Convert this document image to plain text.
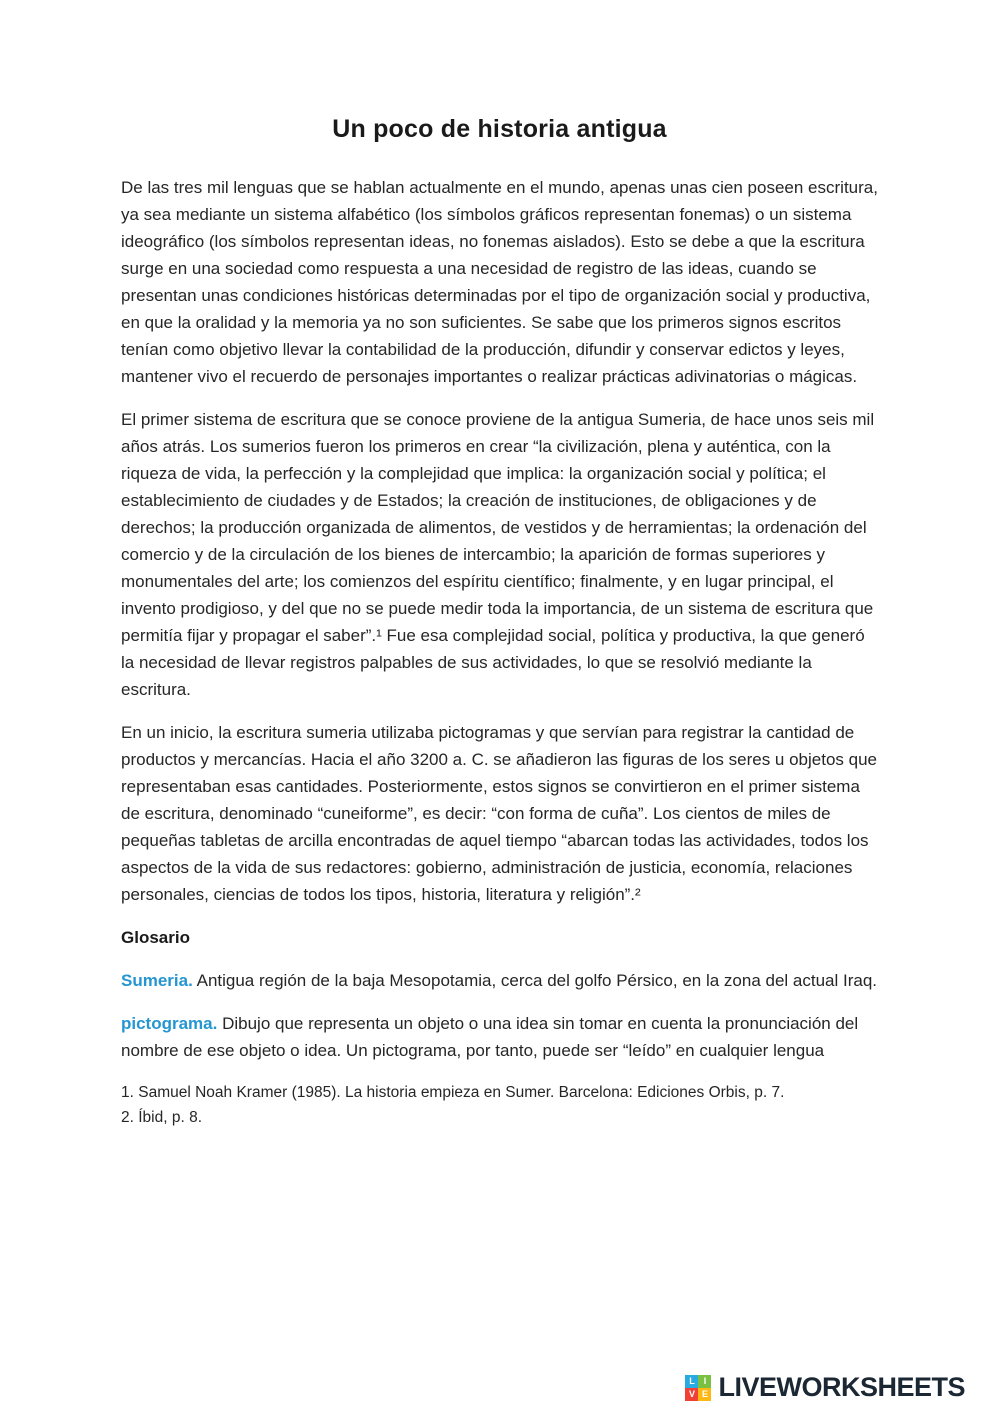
Un poco de historia antigua

De las tres mil lenguas que se hablan actualmente en el mundo, apenas unas cien poseen escritura, ya sea mediante un sistema alfabético (los símbolos gráficos representan fonemas) o un sistema ideográfico (los símbolos representan ideas, no fonemas aislados). Esto se debe a que la escritura surge en una sociedad como respuesta a una necesidad de registro de las ideas, cuando se presentan unas condiciones históricas determinadas por el tipo de organización social y productiva, en que la oralidad y la memoria ya no son suficientes. Se sabe que los primeros signos escritos tenían como objetivo llevar la contabilidad de la producción, difundir y conservar edictos y leyes, mantener vivo el recuerdo de personajes importantes o realizar prácticas adivinatorias o mágicas.

El primer sistema de escritura que se conoce proviene de la antigua Sumeria, de hace unos seis mil años atrás. Los sumerios fueron los primeros en crear “la civilización, plena y auténtica, con la riqueza de vida, la perfección y la complejidad que implica: la organización social y política; el establecimiento de ciudades y de Estados; la creación de instituciones, de obligaciones y de derechos; la producción organizada de alimentos, de vestidos y de herramientas; la ordenación del comercio y de la circulación de los bienes de intercambio; la aparición de formas superiores y monumentales del arte; los comienzos del espíritu científico; finalmente, y en lugar principal, el invento prodigioso, y del que no se puede medir toda la importancia, de un sistema de escritura que permitía fijar y propagar el saber”.¹ Fue esa complejidad social, política y productiva, la que generó la necesidad de llevar registros palpables de sus actividades, lo que se resolvió mediante la escritura.

En un inicio, la escritura sumeria utilizaba pictogramas y que servían para registrar la cantidad de productos y mercancías. Hacia el año 3200 a. C. se añadieron las figuras de los seres u objetos que representaban esas cantidades. Posteriormente, estos signos se convirtieron en el primer sistema de escritura, denominado “cuneiforme”, es decir: “con forma de cuña”. Los cientos de miles de pequeñas tabletas de arcilla encontradas de aquel tiempo “abarcan todas las actividades, todos los aspectos de la vida de sus redactores: gobierno, administración de justicia, economía, relaciones personales, ciencias de todos los tipos, historia, literatura y religión”.²

Glosario

Sumeria. Antigua región de la baja Mesopotamia, cerca del golfo Pérsico, en la zona del actual Iraq.

pictograma. Dibujo que representa un objeto o una idea sin tomar en cuenta la pronunciación del nombre de ese objeto o idea. Un pictograma, por tanto, puede ser “leído” en cualquier lengua

1. Samuel Noah Kramer (1985). La historia empieza en Sumer. Barcelona: Ediciones Orbis, p. 7.
2. Íbid, p. 8.

L I
V E LIVEWORKSHEETS
